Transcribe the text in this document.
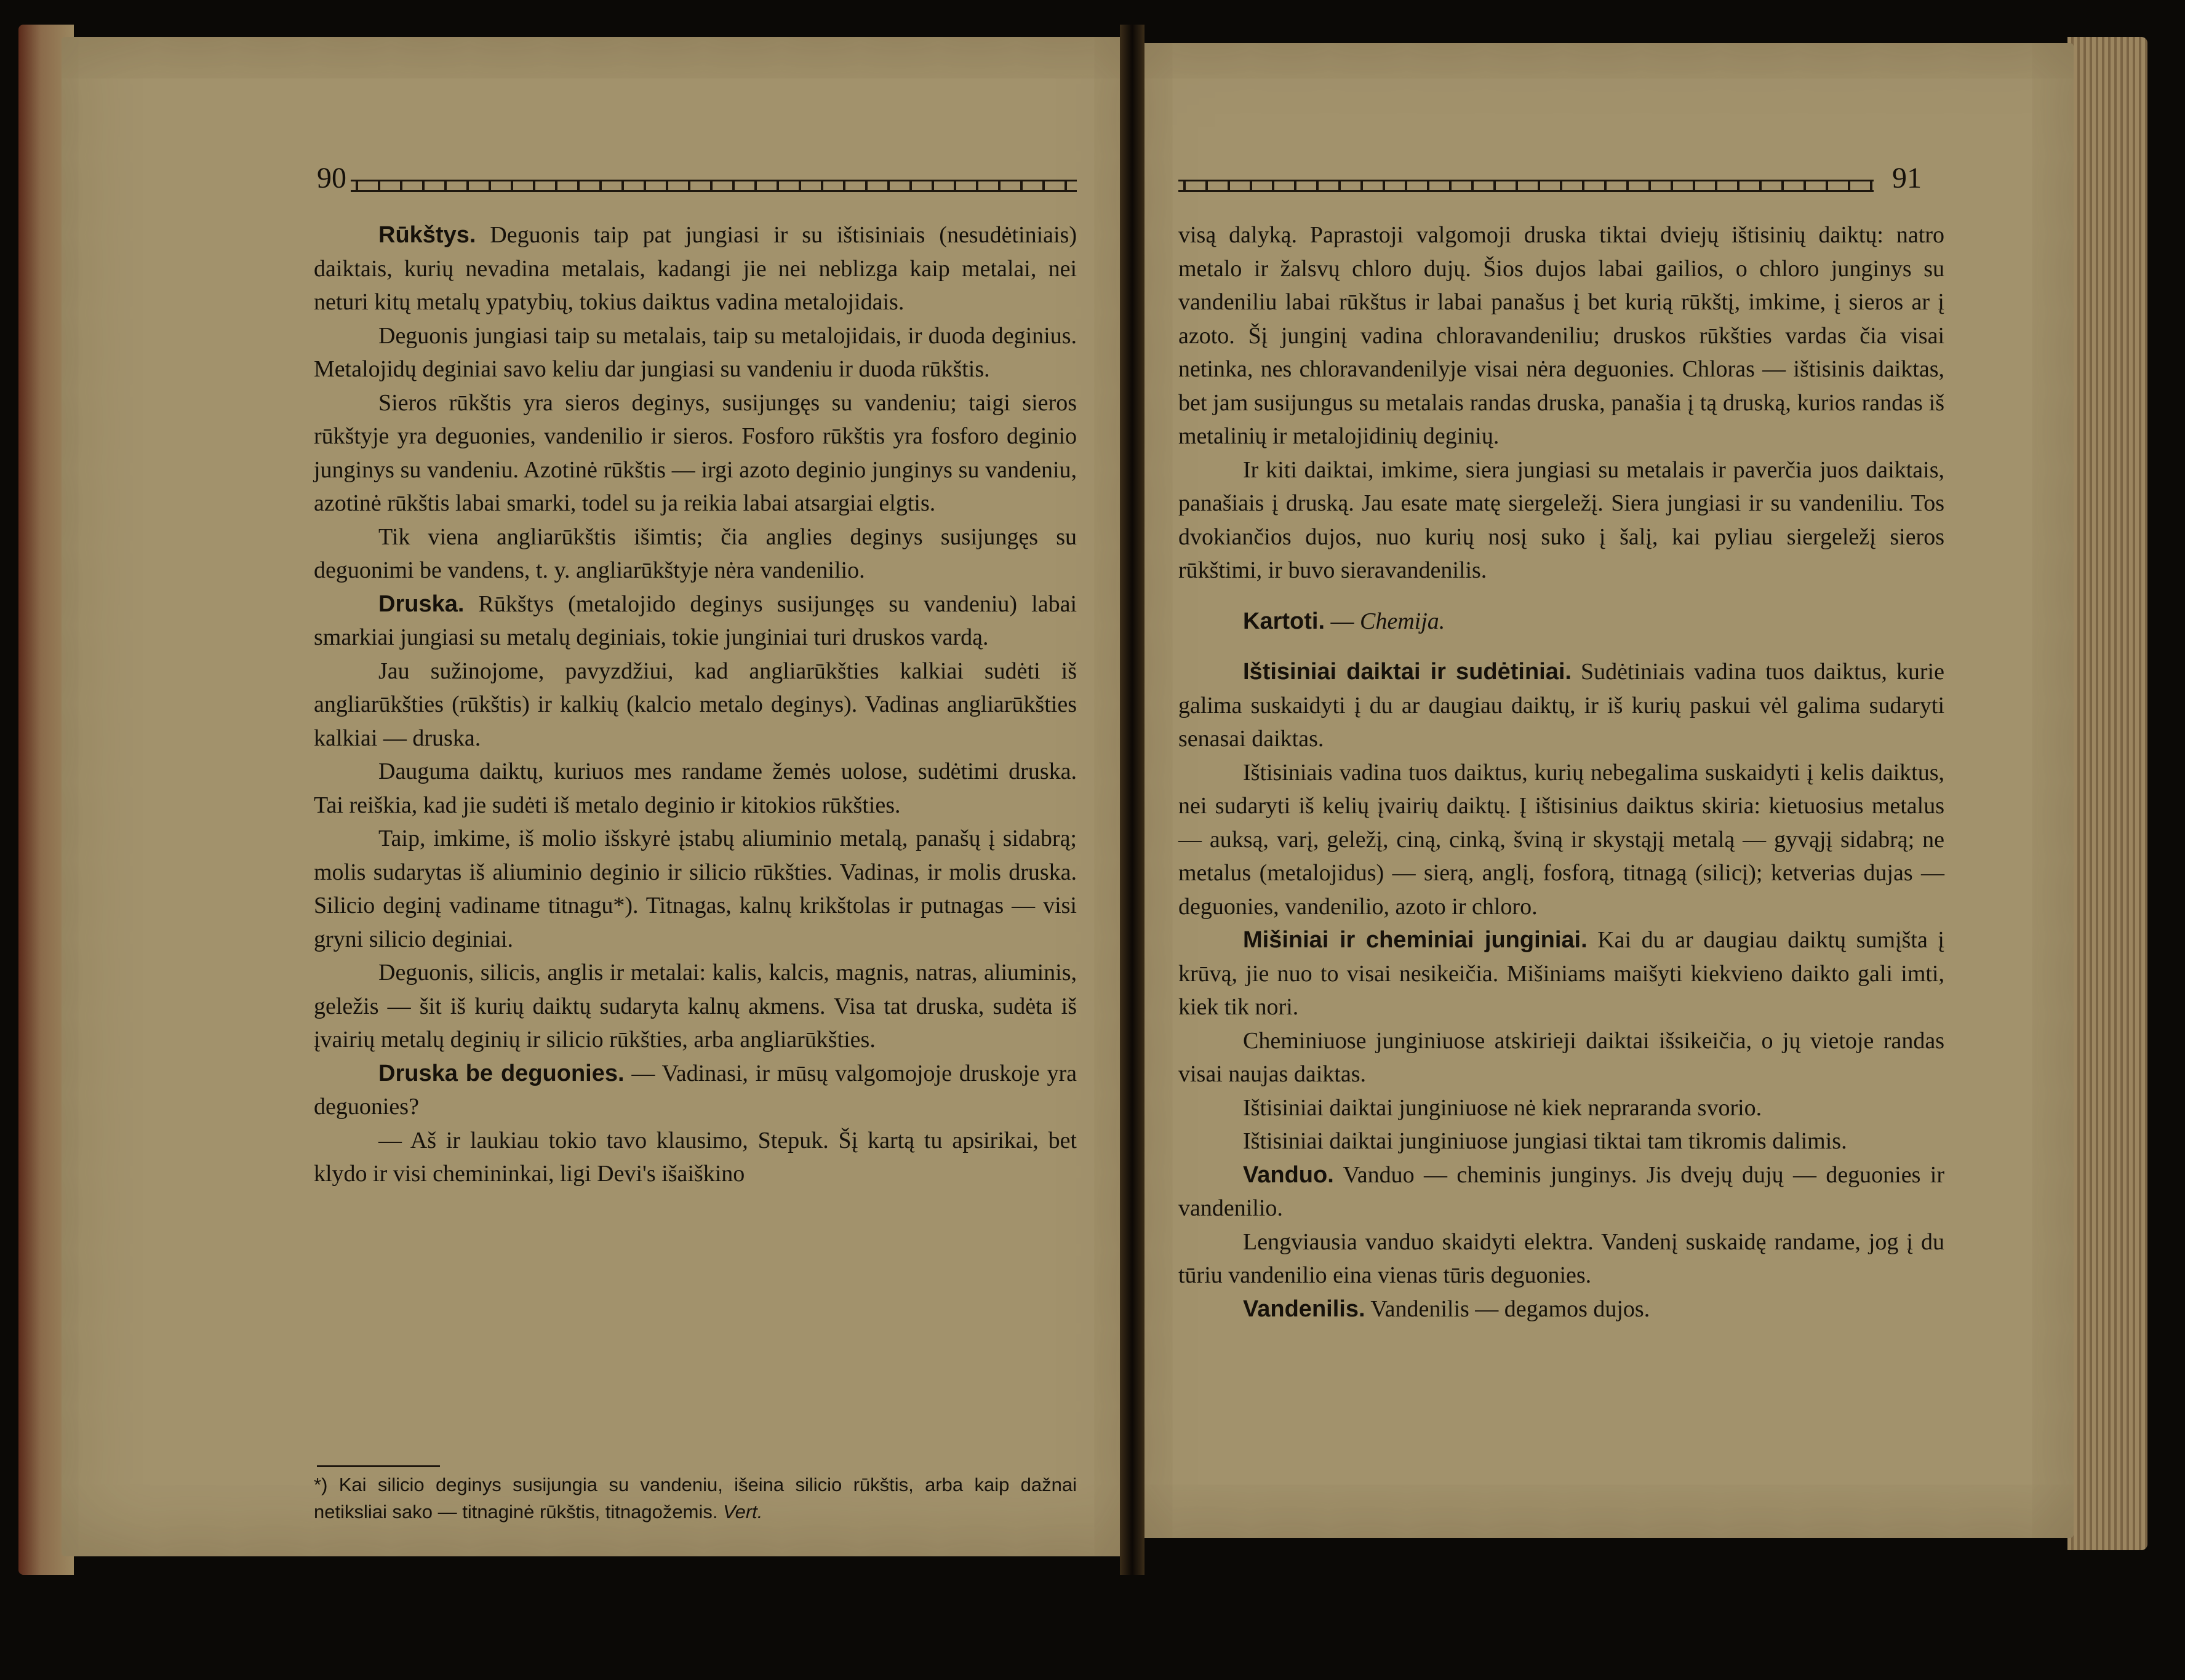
90

Rūkštys. Deguonis taip pat jungiasi ir su ištisiniais (nesudėtiniais) daiktais, kurių nevadina metalais, kadangi jie nei neblizga kaip metalai, nei neturi kitų metalų ypatybių, tokius daiktus vadina metalojidais.

Deguonis jungiasi taip su metalais, taip su metalojidais, ir duoda deginius. Metalojidų deginiai savo keliu dar jungiasi su vandeniu ir duoda rūkštis.

Sieros rūkštis yra sieros deginys, susijungęs su vandeniu; taigi sieros rūkštyje yra deguonies, vandenilio ir sieros. Fosforo rūkštis yra fosforo deginio junginys su vandeniu. Azotinė rūkštis — irgi azoto deginio junginys su vandeniu, azotinė rūkštis labai smarki, todel su ja reikia labai atsargiai elgtis.

Tik viena angliarūkštis išimtis; čia anglies deginys susijungęs su deguonimi be vandens, t. y. angliarūkštyje nėra vandenilio.

Druska. Rūkštys (metalojido deginys susijungęs su vandeniu) labai smarkiai jungiasi su metalų deginiais, tokie junginiai turi druskos vardą.

Jau sužinojome, pavyzdžiui, kad angliarūkšties kalkiai sudėti iš angliarūkšties (rūkštis) ir kalkių (kalcio metalo deginys). Vadinas angliarūkšties kalkiai — druska.

Dauguma daiktų, kuriuos mes randame žemės uolose, sudėtimi druska. Tai reiškia, kad jie sudėti iš metalo deginio ir kitokios rūkšties.

Taip, imkime, iš molio išskyrė įstabų aliuminio metalą, panašų į sidabrą; molis sudarytas iš aliuminio deginio ir silicio rūkšties. Vadinas, ir molis druska. Silicio deginį vadiname titnagu*). Titnagas, kalnų krikštolas ir putnagas — visi gryni silicio deginiai.

Deguonis, silicis, anglis ir metalai: kalis, kalcis, magnis, natras, aliuminis, geležis — šit iš kurių daiktų sudaryta kalnų akmens. Visa tat druska, sudėta iš įvairių metalų deginių ir silicio rūkšties, arba angliarūkšties.

Druska be deguonies. — Vadinasi, ir mūsų valgomojoje druskoje yra deguonies?

— Aš ir laukiau tokio tavo klausimo, Stepuk. Šį kartą tu apsirikai, bet klydo ir visi chemininkai, ligi Devi's išaiškino

*) Kai silicio deginys susijungia su vandeniu, išeina silicio rūkštis, arba kaip dažnai netiksliai sako — titnaginė rūkštis, titnagožemis. Vert.
91

visą dalyką. Paprastoji valgomoji druska tiktai dviejų ištisinių daiktų: natro metalo ir žalsvų chloro dujų. Šios dujos labai gailios, o chloro junginys su vandeniliu labai rūkštus ir labai panašus į bet kurią rūkštį, imkime, į sieros ar į azoto. Šį junginį vadina chloravandeniliu; druskos rūkšties vardas čia visai netinka, nes chloravandenilyje visai nėra deguonies. Chloras — ištisinis daiktas, bet jam susijungus su metalais randas druska, panašia į tą druską, kurios randas iš metalinių ir metalojidinių deginių.

Ir kiti daiktai, imkime, siera jungiasi su metalais ir paverčia juos daiktais, panašiais į druską. Jau esate matę siergeležį. Siera jungiasi ir su vandeniliu. Tos dvokiančios dujos, nuo kurių nosį suko į šalį, kai pyliau siergeležį sieros rūkštimi, ir buvo sieravandenilis.

Kartoti. — Chemija.

Ištisiniai daiktai ir sudėtiniai. Sudėtiniais vadina tuos daiktus, kurie galima suskaidyti į du ar daugiau daiktų, ir iš kurių paskui vėl galima sudaryti senasai daiktas.

Ištisiniais vadina tuos daiktus, kurių nebegalima suskaidyti į kelis daiktus, nei sudaryti iš kelių įvairių daiktų. Į ištisinius daiktus skiria: kietuosius metalus — auksą, varį, geležį, ciną, cinką, šviną ir skystąjį metalą — gyvąjį sidabrą; ne metalus (metalojidus) — sierą, anglį, fosforą, titnagą (silicį); ketverias dujas — deguonies, vandenilio, azoto ir chloro.

Mišiniai ir cheminiai junginiai. Kai du ar daugiau daiktų sumįšta į krūvą, jie nuo to visai nesikeičia. Mišiniams maišyti kiekvieno daikto gali imti, kiek tik nori.

Cheminiuose junginiuose atskirieji daiktai išsikeičia, o jų vietoje randas visai naujas daiktas.

Ištisiniai daiktai junginiuose nė kiek nepraranda svorio.

Ištisiniai daiktai junginiuose jungiasi tiktai tam tikromis dalimis.

Vanduo. Vanduo — cheminis junginys. Jis dvejų dujų — deguonies ir vandenilio.

Lengviausia vanduo skaidyti elektra. Vandenį suskaidę randame, jog į du tūriu vandenilio eina vienas tūris deguonies.

Vandenilis. Vandenilis — degamos dujos.
